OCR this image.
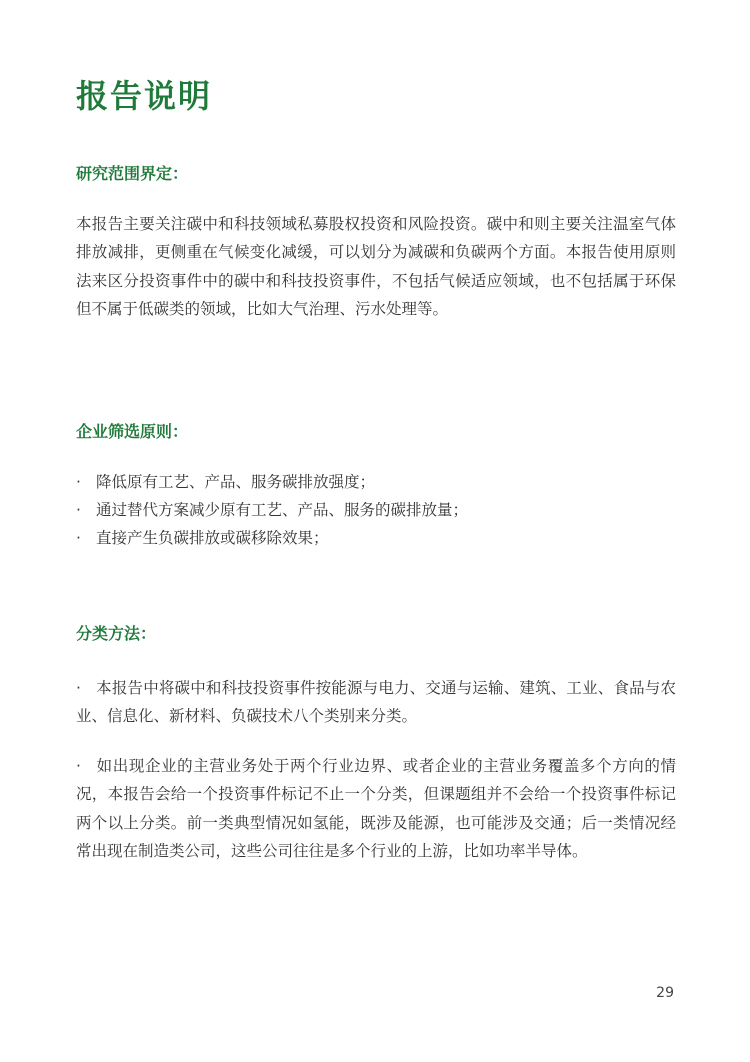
报告说明
研究范围界定：

本报告主要关注碳中和科技领域私募股权投资和风险投资。碳中和则主要关注温室气体排放减排，更侧重在气候变化减缓，可以划分为减碳和负碳两个方面。本报告使用原则法来区分投资事件中的碳中和科技投资事件，不包括气候适应领域，也不包括属于环保但不属于低碳类的领域，比如大气治理、污水处理等。

企业筛选原则：
· 降低原有工艺、产品、服务碳排放强度；
· 通过替代方案减少原有工艺、产品、服务的碳排放量；
· 直接产生负碳排放或碳移除效果；
分类方法：

· 本报告中将碳中和科技投资事件按能源与电力、交通与运输、建筑、工业、食品与农业、信息化、新材料、负碳技术八个类别来分类。

· 如出现企业的主营业务处于两个行业边界、或者企业的主营业务覆盖多个方向的情况，本报告会给一个投资事件标记不止一个分类，但课题组并不会给一个投资事件标记两个以上分类。前一类典型情况如氢能，既涉及能源，也可能涉及交通；后一类情况经常出现在制造类公司，这些公司往往是多个行业的上游，比如功率半导体。

29
